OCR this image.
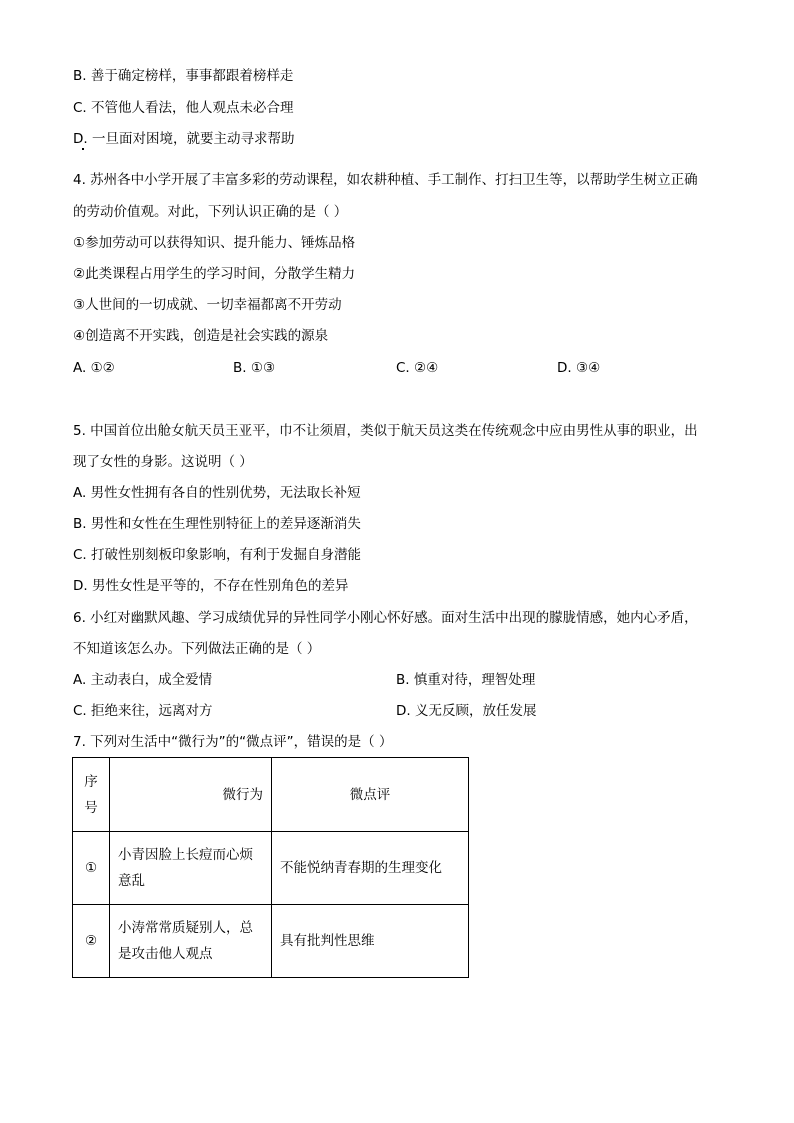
B. 善于确定榜样，事事都跟着榜样走
C. 不管他人看法，他人观点未必合理
D. 一旦面对困境，就要主动寻求帮助
4. 苏州各中小学开展了丰富多彩的劳动课程，如农耕种植、手工制作、打扫卫生等，以帮助学生树立正确
的劳动价值观。对此，下列认识正确的是（ ）
①参加劳动可以获得知识、提升能力、锤炼品格
②此类课程占用学生的学习时间，分散学生精力
③人世间的一切成就、一切幸福都离不开劳动
④创造离不开实践，创造是社会实践的源泉
A. ①②	B. ①③	C. ②④	D. ③④
5. 中国首位出舱女航天员王亚平，巾不让须眉，类似于航天员这类在传统观念中应由男性从事的职业，出
现了女性的身影。这说明（ ）
A. 男性女性拥有各自的性别优势，无法取长补短
B. 男性和女性在生理性别特征上的差异逐渐消失
C. 打破性别刻板印象影响，有利于发掘自身潜能
D. 男性女性是平等的，不存在性别角色的差异
6. 小红对幽默风趣、学习成绩优异的异性同学小刚心怀好感。面对生活中出现的朦胧情感，她内心矛盾，
不知道该怎么办。下列做法正确的是（ ）
A. 主动表白，成全爱情	B. 慎重对待，理智处理
C. 拒绝来往，远离对方	D. 义无反顾，放任发展
7. 下列对生活中“微行为”的“微点评”，错误的是（ ）
序号	微行为	微点评
①	小青因脸上长痘而心烦意乱	不能悦纳青春期的生理变化
②	小涛常常质疑别人，总是攻击他人观点	具有批判性思维
